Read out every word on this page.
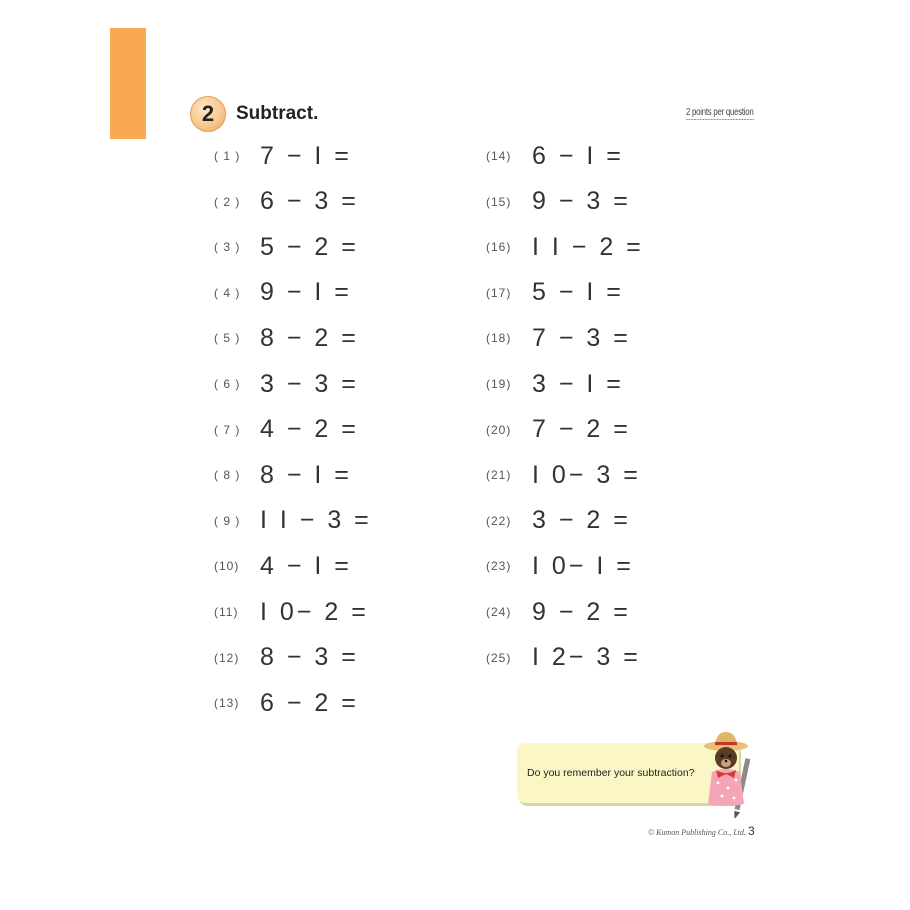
2	Subtract.	2 points per question
( 1 ) 7 − I =
( 2 ) 6 − 3 =
( 3 ) 5 − 2 =
( 4 ) 9 − I =
( 5 ) 8 − 2 =
( 6 ) 3 − 3 =
( 7 ) 4 − 2 =
( 8 ) 8 − I =
( 9 ) I I − 3 =
(10) 4 − I =
(11) I 0− 2 =
(12) 8 − 3 =
(13) 6 − 2 =
(14) 6 − I =
(15) 9 − 3 =
(16) I I − 2 =
(17) 5 − I =
(18) 7 − 3 =
(19) 3 − I =
(20) 7 − 2 =
(21) I 0− 3 =
(22) 3 − 2 =
(23) I 0− I =
(24) 9 − 2 =
(25) I 2− 3 =
Do you remember your subtraction?
© Kumon Publishing Co., Ltd. 3
